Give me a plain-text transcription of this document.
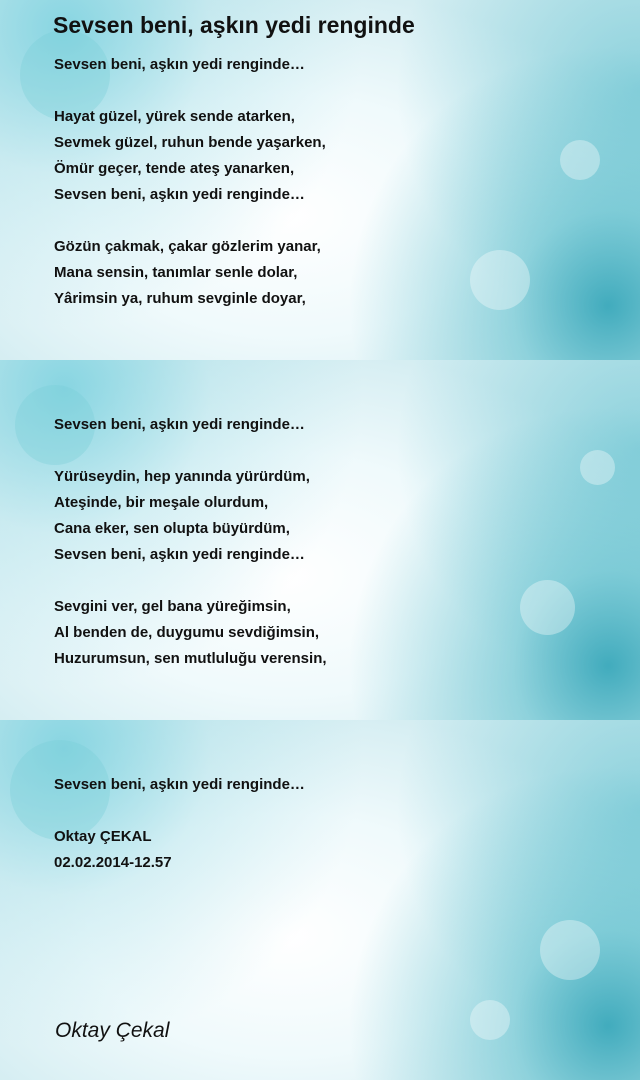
Sevsen beni, aşkın yedi renginde
Sevsen beni, aşkın yedi renginde…
Hayat güzel, yürek sende atarken,
Sevmek güzel, ruhun bende yaşarken,
Ömür geçer, tende ateş yanarken,
Sevsen beni, aşkın yedi renginde…
Gözün çakmak, çakar gözlerim yanar,
Mana sensin, tanımlar senle dolar,
Yârimsin ya, ruhum sevginle doyar,
Sevsen beni, aşkın yedi renginde…
Yürüseydin, hep yanında yürürdüm,
Ateşinde, bir meşale olurdum,
Cana eker, sen olupta büyürdüm,
Sevsen beni, aşkın yedi renginde…
Sevgini ver, gel bana yüreğimsin,
Al benden de, duygumu sevdiğimsin,
Huzurumsun, sen mutluluğu verensin,
Sevsen beni, aşkın yedi renginde…
Oktay ÇEKAL
02.02.2014-12.57
Oktay Çekal
